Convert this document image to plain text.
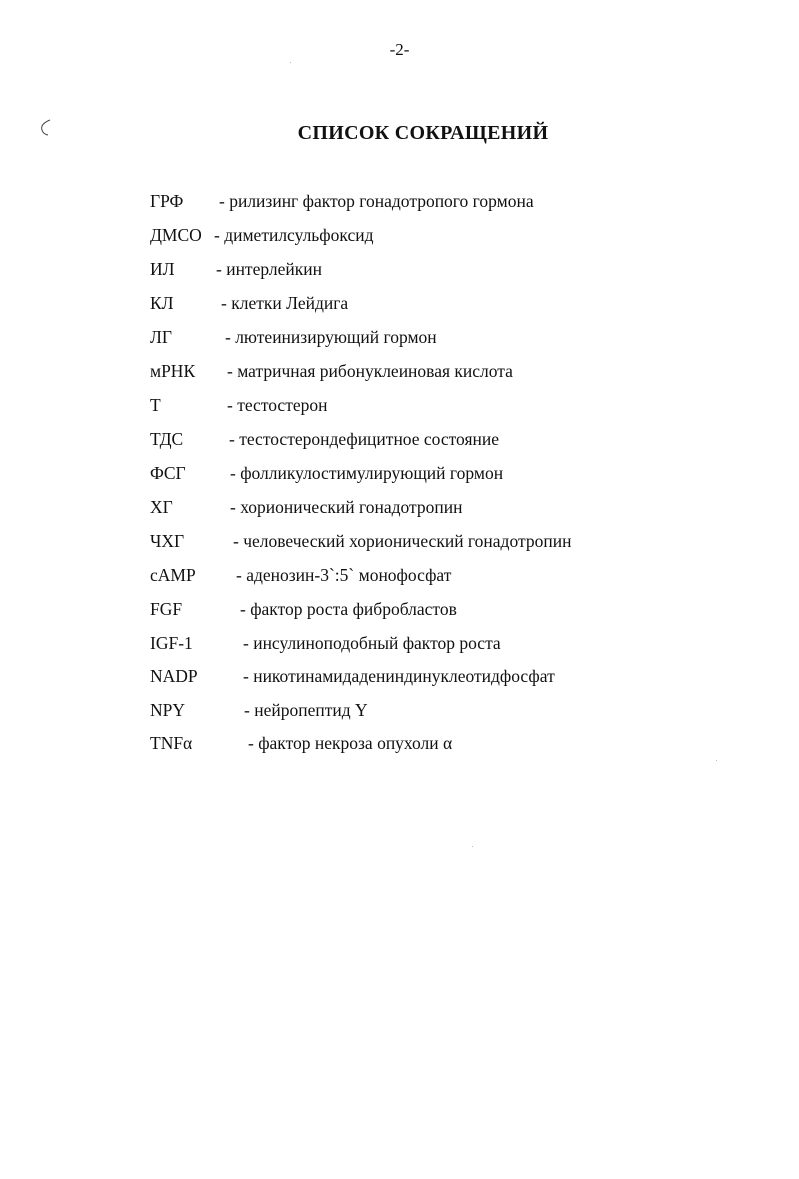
-2-
СПИСОК СОКРАЩЕНИЙ
ГРФ - рилизинг фактор гонадотропого гормона
ДМСО - диметилсульфоксид
ИЛ - интерлейкин
КЛ	- клетки Лейдига
ЛГ	- лютеинизирующий гормон
мРНК - матричная рибонуклеиновая кислота
Т	- тестостерон
ТДС	- тестостерондефицитное состояние
ФСГ	- фолликулостимулирующий гормон
ХГ	- хорионический гонадотропин
ЧХГ	- человеческий хорионический гонадотропин
cAMP - аденозин-3`:5` монофосфат
FGF	- фактор роста фибробластов
IGF-1	- инсулиноподобный фактор роста
NADP	- никотинамидадениндинуклеотидфосфат
NPY	- нейропептид Y
TNFα	- фактор некроза опухоли α
